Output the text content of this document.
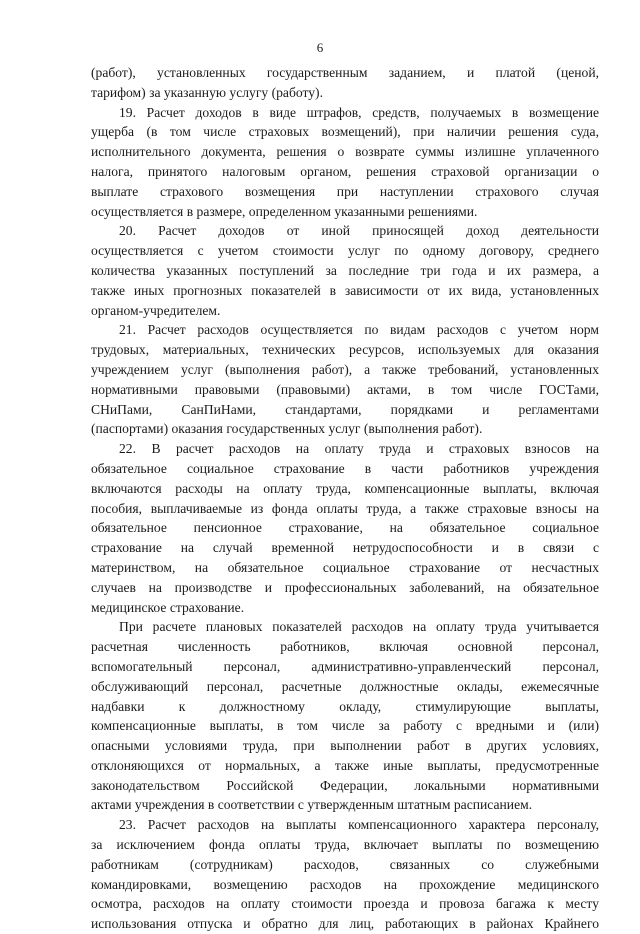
6
(работ), установленных государственным заданием, и платой (ценой,
тарифом) за указанную услугу (работу).
19. Расчет доходов в виде штрафов, средств, получаемых в возмещение
ущерба (в том числе страховых возмещений), при наличии решения суда,
исполнительного документа, решения о возврате суммы излишне уплаченного
налога, принятого налоговым органом, решения страховой организации о
выплате страхового возмещения при наступлении страхового случая
осуществляется в размере, определенном указанными решениями.
20. Расчет доходов от иной приносящей доход деятельности
осуществляется с учетом стоимости услуг по одному договору, среднего
количества указанных поступлений за последние три года и их размера, а
также иных прогнозных показателей в зависимости от их вида, установленных
органом-учредителем.
21. Расчет расходов осуществляется по видам расходов с учетом норм
трудовых, материальных, технических ресурсов, используемых для оказания
учреждением услуг (выполнения работ), а также требований, установленных
нормативными правовыми (правовыми) актами, в том числе ГОСТами,
СНиПами, СанПиНами, стандартами, порядками и регламентами
(паспортами) оказания государственных услуг (выполнения работ).
22. В расчет расходов на оплату труда и страховых взносов на
обязательное социальное страхование в части работников учреждения
включаются расходы на оплату труда, компенсационные выплаты, включая
пособия, выплачиваемые из фонда оплаты труда, а также страховые взносы на
обязательное пенсионное страхование, на обязательное социальное
страхование на случай временной нетрудоспособности и в связи с
материнством, на обязательное социальное страхование от несчастных
случаев на производстве и профессиональных заболеваний, на обязательное
медицинское страхование.
При расчете плановых показателей расходов на оплату труда учитывается
расчетная численность работников, включая основной персонал,
вспомогательный персонал, административно-управленческий персонал,
обслуживающий персонал, расчетные должностные оклады, ежемесячные
надбавки к должностному окладу, стимулирующие выплаты,
компенсационные выплаты, в том числе за работу с вредными и (или)
опасными условиями труда, при выполнении работ в других условиях,
отклоняющихся от нормальных, а также иные выплаты, предусмотренные
законодательством Российской Федерации, локальными нормативными
актами учреждения в соответствии с утвержденным штатным расписанием.
23. Расчет расходов на выплаты компенсационного характера персоналу,
за исключением фонда оплаты труда, включает выплаты по возмещению
работникам (сотрудникам) расходов, связанных со служебными
командировками, возмещению расходов на прохождение медицинского
осмотра, расходов на оплату стоимости проезда и провоза багажа к месту
использования отпуска и обратно для лиц, работающих в районах Крайнего
